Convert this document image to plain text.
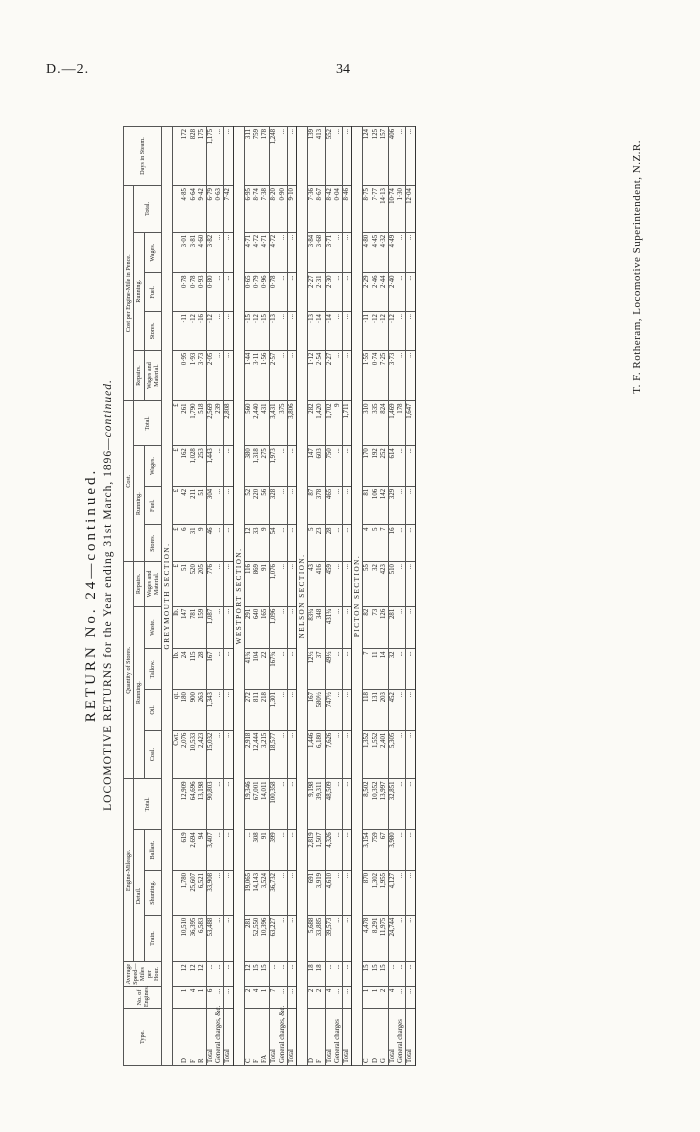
D.—2.	34
RETURN No. 24—continued. LOCOMOTIVE RETURNS for the Year ending 31st March, 1896—continued.
Type.	No. of Engines.	Average Speed—Miles per Hour.	Engine-Mileage.				Quantity of Stores.					Cost.				Cost per Engine-Mile in Pence.					Days in Steam.
			Detail.			Total.	Running.				Repairs.	Running.			Total.	Repairs.	Running.			Total.	
			Train.	Shunting.	Ballast.		Coal.	Oil.	Tallow.	Waste.	Wages and Material.	Stores.	Fuel.	Wages.		Wages and Material.	Stores.	Fuel.	Wages.		

GREYMOUTH SECTION.																					
							Cwt.	qt.	lb.	lb.	£	£	£	£	£						
D	1	12	10,510	1,780	619	12,909	2,076	180	24	147	51	6	42	162	261	0·95	·11	0·78	3·01	4·85	172
F	4	12	36,395	25,607	2,694	64,696	10,533	900	115	781	520	31	211	1,028	1,790	1·93	·12	0·78	3·81	6·64	828
R	1	12	6,583	6,521	94	13,198	2,423	263	28	159	205	9	51	253	518	3·73	·16	0·93	4·60	9·42	175
Total	6	...	53,488	33,908	3,407	90,803	15,032	1,343	167	1,087	776	46	304	1,443	2,569	2·05	·12	0·80	3·82	6·79	1,175
General charges, &c.	...	...	...	...	...	...	...	...	...	...	...	...	...	...	239	...	...	...	...	0·63	...
Total	...	...	...	...	...	...	...	...	...	...	...	...	...	...	2,808	...	...	...	...	7·42	...
WESTPORT SECTION.																					
C	2	12	281	19,065	...	19,346	2,918	272	41¾	291	116	12	52	380	560	1·44	·15	0·65	4·71	6·95	311
F	4	15	52,550	14,143	308	67,001	12,444	811	104	640	869	33	220	1,318	2,440	3·11	·12	0·79	4·72	8·74	759
FA	1	15	10,396	3,524	91	14,011	3,215	218	22	165	91	9	56	275	431	1·56	·15	0·96	4·71	7·38	178
Total	7	...	63,227	36,732	399	100,358	18,577	1,301	167¾	1,096	1,076	54	328	1,973	3,431	2·57	·13	0·78	4·72	8·20	1,248
General charges, &c.	...	...	...	...	...	...	...	...	...	...	...	...	...	...	375	...	...	...	...	0·90	...
Total	...	...	...	...	...	...	...	...	...	...	...	...	...	...	3,806	...	...	...	...	9·10	...
NELSON SECTION.																					
D	2	18	5,688	691	2,819	9,198	1,446	167	12½	83¾	43	5	87	147	282	1·12	·13	2·27	3·84	7·36	139
F	2	18	33,885	3,919	1,507	39,311	6,180	580½	37	348	416	23	378	603	1,420	2·54	·14	2·31	3·68	8·67	413
Total	4	...	39,573	4,610	4,326	48,509	7,626	747½	49½	431¾	459	28	465	750	1,702	2·27	·14	2·30	3·71	8·42	552
General charges	...	...	...	...	...	...	...	...	...	...	...	...	...	...	9	...	...	...	...	0·04	...
Total	...	...	...	...	...	...	...	...	...	...	...	...	...	...	1,711	...	...	...	...	8·46	...
PICTON SECTION.																					
C	1	15	4,478	870	3,154	8,502	1,352	118	7	82	55	4	81	170	310	1·55	·11	2·29	4·80	8·75	124
D	1	15	8,291	1,302	759	10,352	1,552	131	11	73	32	5	106	192	335	0·74	·12	2·46	4·45	7·77	125
G	2	15	11,975	1,955	67	13,997	2,401	203	14	126	423	7	142	252	824	7·25	·12	2·44	4·32	14·13	157
Total	4	...	24,744	4,127	3,980	32,851	5,305	452	32	281	510	16	329	614	1,469	3·73	·12	2·40	4·49	10·74	406
General charges	...	...	...	...	...	...	...	...	...	...	...	...	...	...	178	...	...	...	...	1·30	...
Total	...	...	...	...	...	...	...	...	...	...	...	...	...	...	1,647	...	...	...	...	12·04	...
T. F. Rotheram, Locomotive Superintendent, N.Z.R.
